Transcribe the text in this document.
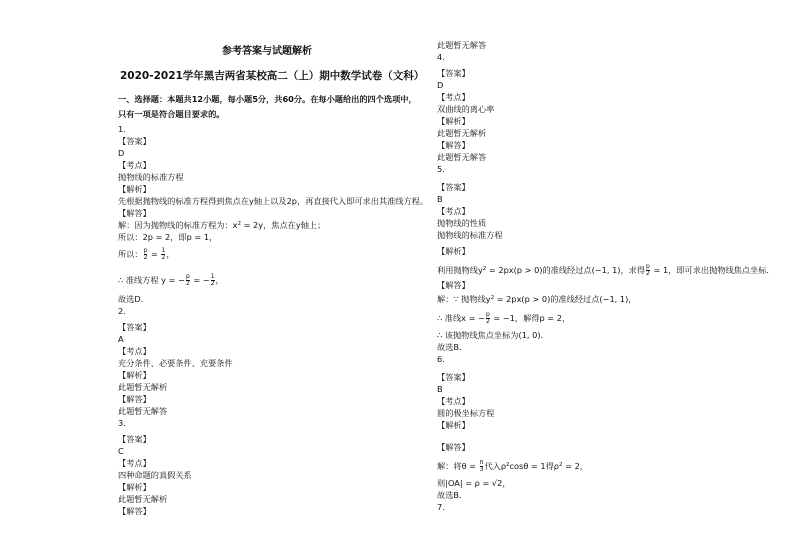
参考答案与试题解析
2020-2021学年黑吉两省某校高二（上）期中数学试卷（文科）
一、选择题：本题共12小题，每小题5分，共60分。在每小题给出的四个选项中，
只有一项是符合题目要求的。
1.
【答案】
D
【考点】
抛物线的标准方程
【解析】
先根据抛物线的标准方程得到焦点在y轴上以及2p，再直接代入即可求出其准线方程。
【解答】
解：因为抛物线的标准方程为：$x^2 = 2y$，焦点在y轴上；
所以：2p = 2，即p = 1，
所以： $\frac{p}{2} = \frac{1}{2}$ ，
∴ 准线方程 y = − $\frac{p}{2}$ = − $\frac{1}{2}$ ，
故选D．
2.
【答案】
A
【考点】
充分条件、必要条件、充要条件
【解析】
此题暂无解析
【解答】
此题暂无解答
3.
【答案】
C
【考点】
四种命题的真假关系
【解析】
此题暂无解析
【解答】
此题暂无解答
4.
【答案】
D
【考点】
双曲线的离心率
【解析】
此题暂无解析
【解答】
此题暂无解答
5.
【答案】
B
【考点】
抛物线的性质
抛物线的标准方程
【解析】
利用抛物线$y^2 = 2px(p > 0)$的准线经过点(−1, 1)，求得 $\frac{p}{2} = 1$，即可求出抛物线焦点坐标．
【解答】
解：∵ 抛物线$y^2 = 2px(p > 0)$的准线经过点(−1, 1)，
∴ 准线x = − $\frac{p}{2} = -1$，解得p = 2，
∴ 该抛物线焦点坐标为(1, 0)．
故选B．
6.
【答案】
B
【考点】
圆的极坐标方程
【解析】
【解答】
解：将$\theta = \frac{\pi}{3}$ 代入$\rho^2\cos\theta = 1$得$\rho^2 = 2$，
则|OA| = ρ = √2，
故选B．
7.
